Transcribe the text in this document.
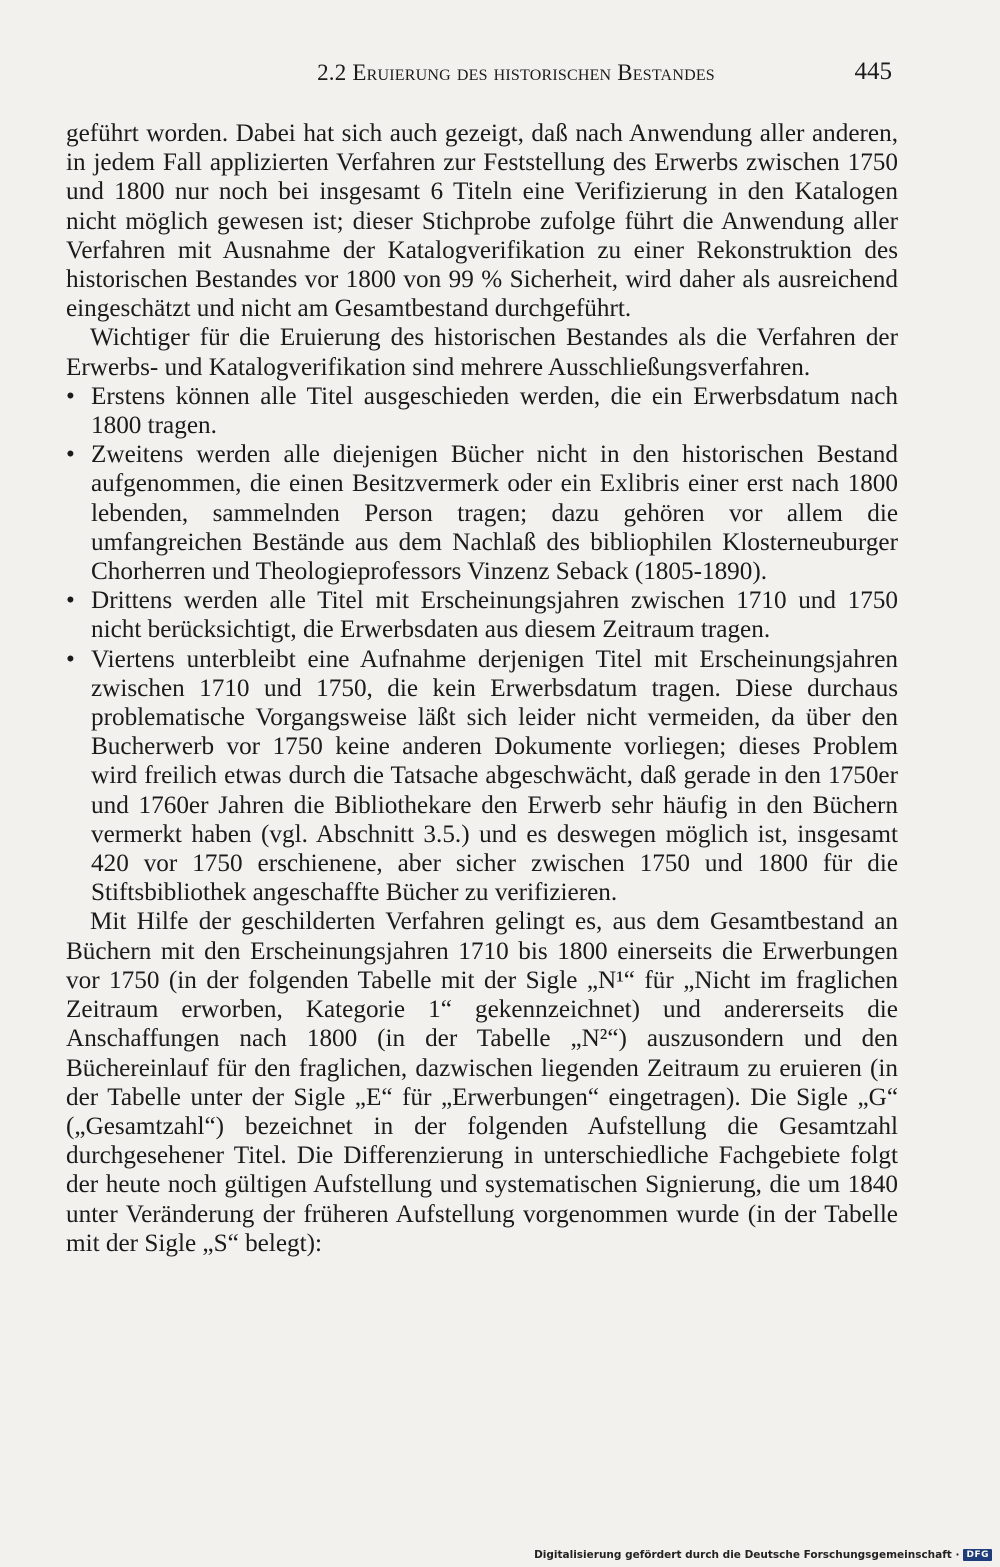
2.2 Eruierung des historischen Bestandes	445

geführt worden. Dabei hat sich auch gezeigt, daß nach Anwendung aller anderen, in jedem Fall applizierten Verfahren zur Feststellung des Erwerbs zwischen 1750 und 1800 nur noch bei insgesamt 6 Titeln eine Verifizierung in den Katalogen nicht möglich gewesen ist; dieser Stichprobe zufolge führt die Anwendung aller Verfahren mit Ausnahme der Katalogverifikation zu einer Rekonstruktion des historischen Bestandes vor 1800 von 99 % Sicherheit, wird daher als ausreichend eingeschätzt und nicht am Gesamtbestand durchgeführt.

Wichtiger für die Eruierung des historischen Bestandes als die Verfahren der Erwerbs- und Katalogverifikation sind mehrere Ausschließungsverfahren.

• Erstens können alle Titel ausgeschieden werden, die ein Erwerbsdatum nach 1800 tragen.
• Zweitens werden alle diejenigen Bücher nicht in den historischen Bestand aufgenommen, die einen Besitzvermerk oder ein Exlibris einer erst nach 1800 lebenden, sammelnden Person tragen; dazu gehören vor allem die umfangreichen Bestände aus dem Nachlaß des bibliophilen Klosterneuburger Chorherren und Theologieprofessors Vinzenz Seback (1805-1890).
• Drittens werden alle Titel mit Erscheinungsjahren zwischen 1710 und 1750 nicht berücksichtigt, die Erwerbsdaten aus diesem Zeitraum tragen.
• Viertens unterbleibt eine Aufnahme derjenigen Titel mit Erscheinungsjahren zwischen 1710 und 1750, die kein Erwerbsdatum tragen. Diese durchaus problematische Vorgangsweise läßt sich leider nicht vermeiden, da über den Bucherwerb vor 1750 keine anderen Dokumente vorliegen; dieses Problem wird freilich etwas durch die Tatsache abgeschwächt, daß gerade in den 1750er und 1760er Jahren die Bibliothekare den Erwerb sehr häufig in den Büchern vermerkt haben (vgl. Abschnitt 3.5.) und es deswegen möglich ist, insgesamt 420 vor 1750 erschienene, aber sicher zwischen 1750 und 1800 für die Stiftsbibliothek angeschaffte Bücher zu verifizieren.

Mit Hilfe der geschilderten Verfahren gelingt es, aus dem Gesamtbestand an Büchern mit den Erscheinungsjahren 1710 bis 1800 einerseits die Erwerbungen vor 1750 (in der folgenden Tabelle mit der Sigle „N¹“ für „Nicht im fraglichen Zeitraum erworben, Kategorie 1“ gekennzeichnet) und andererseits die Anschaffungen nach 1800 (in der Tabelle „N²“) auszusondern und den Büchereinlauf für den fraglichen, dazwischen liegenden Zeitraum zu eruieren (in der Tabelle unter der Sigle „E“ für „Erwerbungen“ eingetragen). Die Sigle „G“ („Gesamtzahl“) bezeichnet in der folgenden Aufstellung die Gesamtzahl durchgesehener Titel. Die Differenzierung in unterschiedliche Fachgebiete folgt der heute noch gültigen Aufstellung und systematischen Signierung, die um 1840 unter Veränderung der früheren Aufstellung vorgenommen wurde (in der Tabelle mit der Sigle „S“ belegt):

Digitalisierung gefördert durch die Deutsche Forschungsgemeinschaft · DFG
